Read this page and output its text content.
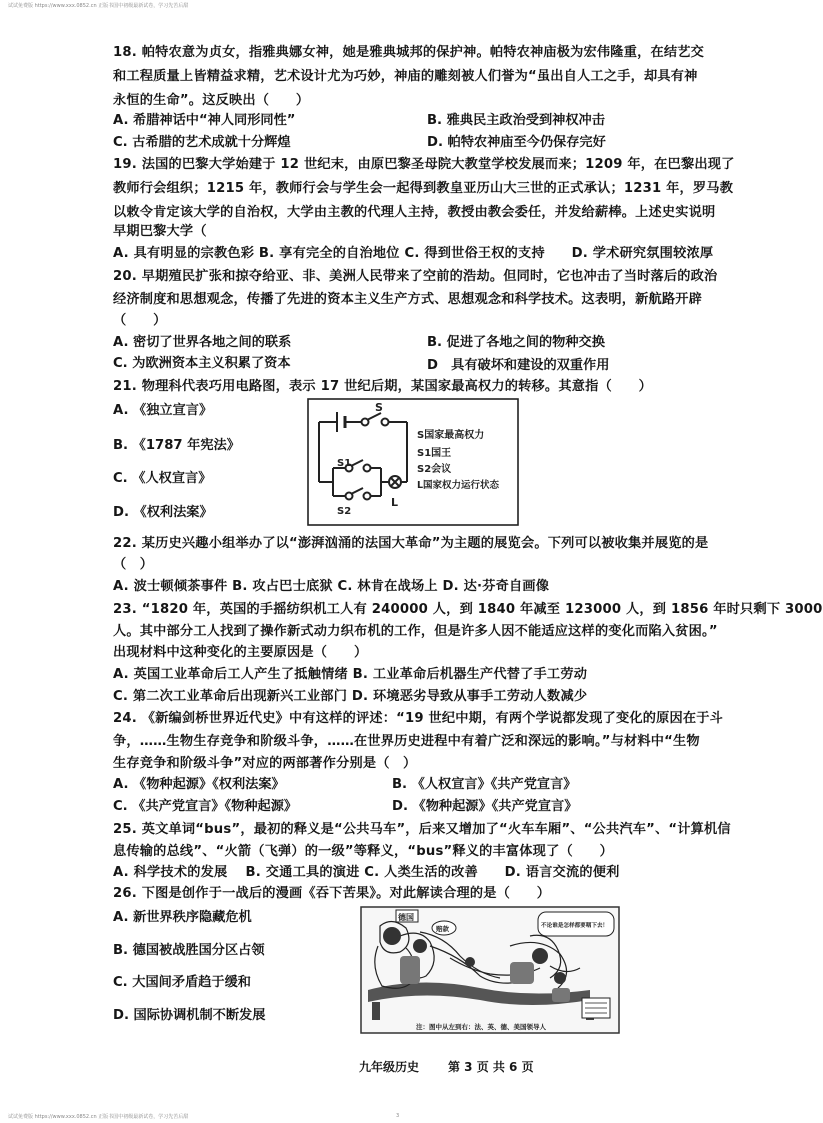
试试免费版 https://www.xxx.0852.cn 正版书国中初级最新试卷，学习先苦后甜
18. 帕特农意为贞女，指雅典娜女神，她是雅典城邦的保护神。帕特农神庙极为宏伟隆重，在结艺交
和工程质量上皆精益求精，艺术设计尤为巧妙，神庙的雕刻被人们誉为“虽出自人工之手，却具有神
永恒的生命”。这反映出（　　）
A. 希腊神话中“神人同形同性”	B. 雅典民主政治受到神权冲击
C. 古希腊的艺术成就十分辉煌	D. 帕特农神庙至今仍保存完好
19. 法国的巴黎大学始建于 12 世纪末，由原巴黎圣母院大教堂学校发展而来；1209 年，在巴黎出现了
教师行会组织；1215 年，教师行会与学生会一起得到教皇亚历山大三世的正式承认；1231 年，罗马教
以敕令肯定该大学的自治权，大学由主教的代理人主持，教授由教会委任，并发给薪棒。上述史实说明
早期巴黎大学（
A. 具有明显的宗教色彩 B. 享有完全的自治地位 C. 得到世俗王权的支持　　D. 学术研究氛围较浓厚
20. 早期殖民扩张和掠夺给亚、非、美洲人民带来了空前的浩劫。但同时，它也冲击了当时落后的政治
经济制度和思想观念，传播了先进的资本主义生产方式、思想观念和科学技术。这表明，新航路开辟
（　　）
A. 密切了世界各地之间的联系	B. 促进了各地之间的物种交换
C. 为欧洲资本主义积累了资本	D　具有破坏和建设的双重作用
21. 物理科代表巧用电路图，表示 17 世纪后期，某国家最高权力的转移。其意指（　　）
A. 《独立宣言》
B. 《1787 年宪法》
C. 《人权宣言》
D. 《权利法案》
S
S1
S2
L
S国家最高权力
S1国王
S2会议
L国家权力运行状态
22. 某历史兴趣小组举办了以“澎湃汹涌的法国大革命”为主题的展览会。下列可以被收集并展览的是
（　）
A. 波士顿倾茶事件 B. 攻占巴士底狱 C. 林肯在战场上 D. 达·芬奇自画像
23. “1820 年，英国的手摇纺织机工人有 240000 人，到 1840 年减至 123000 人，到 1856 年时只剩下 3000
人。其中部分工人找到了操作新式动力织布机的工作，但是许多人因不能适应这样的变化而陷入贫困。”
出现材料中这种变化的主要原因是（　　）
A. 英国工业革命后工人产生了抵触情绪 B. 工业革命后机器生产代替了手工劳动
C. 第二次工业革命后出现新兴工业部门 D. 环境恶劣导致从事手工劳动人数减少
24. 《新编剑桥世界近代史》中有这样的评述：“19 世纪中期，有两个学说都发现了变化的原因在于斗
争，……生物生存竞争和阶级斗争，……在世界历史进程中有着广泛和深远的影响。”与材料中“生物
生存竞争和阶级斗争”对应的两部著作分别是（　）
A. 《物种起源》《权利法案》	B. 《人权宣言》《共产党宣言》
C. 《共产党宣言》《物种起源》	D. 《物种起源》《共产党宣言》
25. 英文单词“bus”，最初的释义是“公共马车”，后来又增加了“火车车厢”、“公共汽车”、“计算机信
息传输的总线”、“火箭（飞弹）的一级”等释义，“bus”释义的丰富体现了（　　）
A. 科学技术的发展　 B. 交通工具的演进 C. 人类生活的改善　　D. 语言交流的便利
26. 下图是创作于一战后的漫画《吞下苦果》。对此解读合理的是（　　）
A. 新世界秩序隐藏危机
B. 德国被战胜国分区占领
C. 大国间矛盾趋于缓和
D. 国际协调机制不断发展
德国
赔款	不论谁是怎样都要咽下去！
注：图中从左到右：法、英、德、美国领导人
九年级历史 第 3 页 共 6 页
试试免费版 https://www.xxx.0852.cn 正版书国中初级最新试卷，学习先苦后甜	3
